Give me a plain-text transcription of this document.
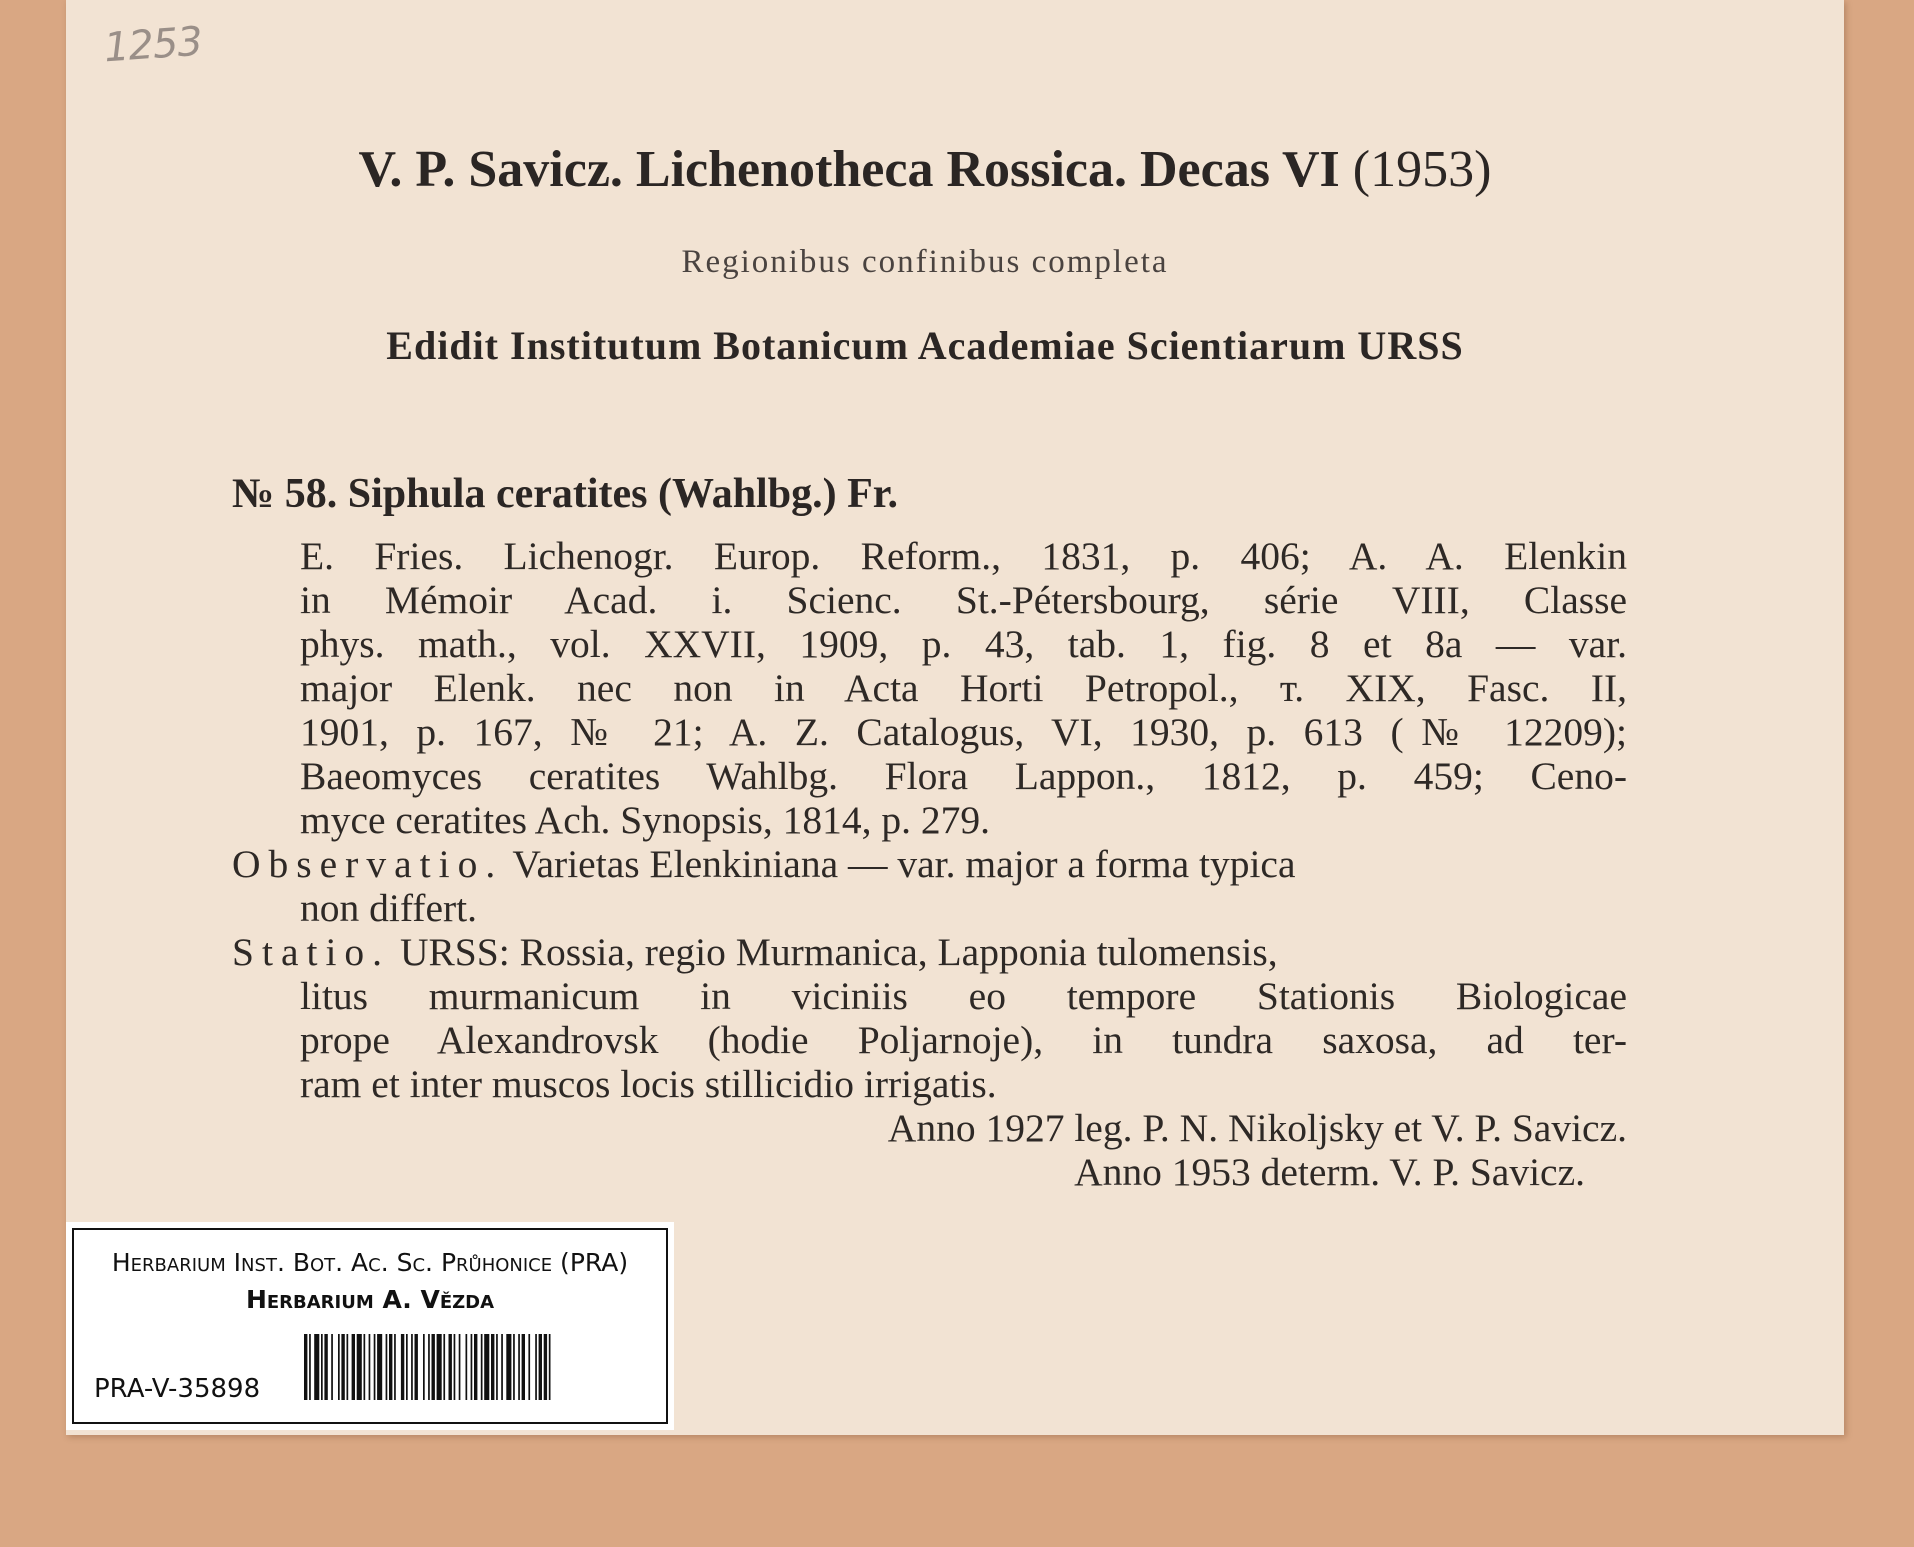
1253
V. P. Savicz. Lichenotheca Rossica. Decas VI (1953)
Regionibus confinibus completa
Edidit Institutum Botanicum Academiae Scientiarum URSS
№ 58. Siphula ceratites (Wahlbg.) Fr.
E. Fries. Lichenogr. Europ. Reform., 1831, p. 406; A. A. Elenkin
in Mémoir Acad. i. Scienc. St.-Pétersbourg, série VIII, Classe
phys. math., vol. XXVII, 1909, p. 43, tab. 1, fig. 8 et 8a — var.
major Elenk. nec non in Acta Horti Petropol., т. XIX, Fasc. II,
1901, p. 167, № 21; A. Z. Catalogus, VI, 1930, p. 613 (№ 12209);
Baeomyces ceratites Wahlbg. Flora Lappon., 1812, p. 459; Ceno-
myce ceratites Ach. Synopsis, 1814, p. 279.
Observatio. Varietas Elenkiniana — var. major a forma typica
non differt.
Statio. URSS: Rossia, regio Murmanica, Lapponia tulomensis,
litus murmanicum in viciniis eo tempore Stationis Biologicae
prope Alexandrovsk (hodie Poljarnoje), in tundra saxosa, ad ter-
ram et inter muscos locis stillicidio irrigatis.
Anno 1927 leg. P. N. Nikoljsky et V. P. Savicz.
Anno 1953 determ. V. P. Savicz.
Herbarium Inst. Bot. Ac. Sc. Průhonice (PRA)
Herbarium A. Vězda
PRA-V-35898
